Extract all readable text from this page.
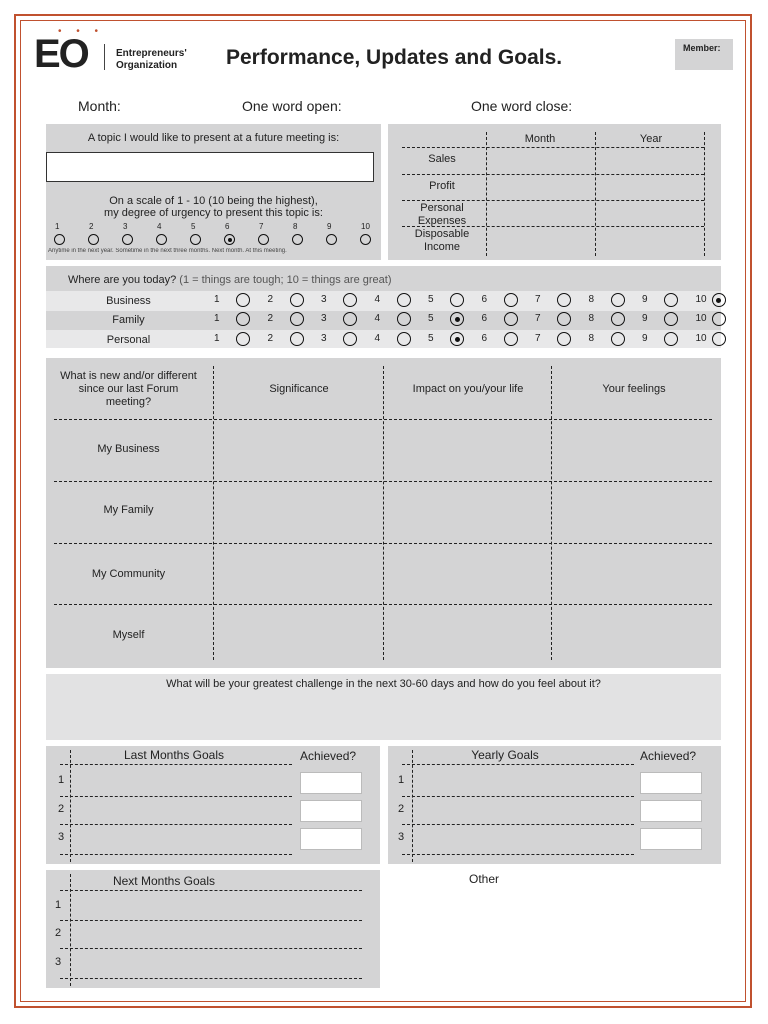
EO
• • •
Entrepreneurs'
Organization Performance, Updates and Goals.	Member:
Month:	One word open:	One word close:
A topic I would like to present at a future meeting is:
On a scale of 1 - 10 (10 being the highest),
my degree of urgency to present this topic is:
1	2	3	4	5	6	7	8	9	10
Anytime in the next year. Sometime in the next three months. Next month. At this meeting.
Month	Year
Sales
Profit
Personal Expenses
Disposable Income
Where are you today? (1 = things are tough; 10 = things are great)
Business	1	2	3	4	5	6	7	8	9	10
Family	1	2	3	4	5	6	7	8	9	10
Personal	1	2	3	4	5	6	7	8	9	10
What is new and/or different since our last Forum meeting?
Significance	Impact on you/your life	Your feelings
My Business
My Family
My Community
Myself
What will be your greatest challenge in the next 30-60 days and how do you feel about it?
Last Months Goals	Achieved?
1
2
3
Yearly Goals	Achieved?
1
2
3
Next Months Goals
1
2
3
Other
